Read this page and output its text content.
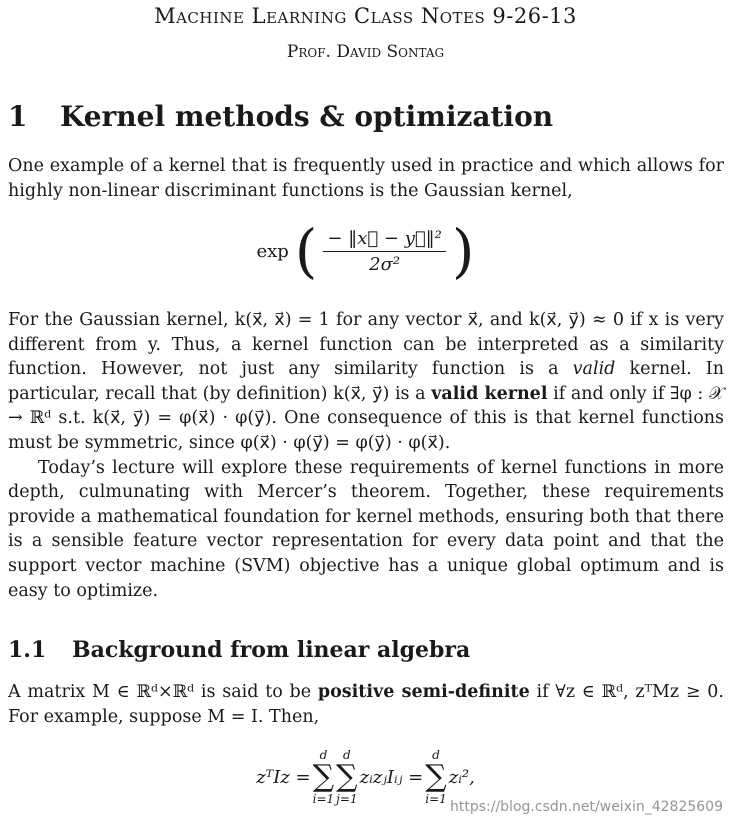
Machine Learning Class Notes 9-26-13
Prof. David Sontag
1 Kernel methods & optimization

One example of a kernel that is frequently used in practice and which allows for highly non-linear discriminant functions is the Gaussian kernel,

exp ( $\frac{\text{− ‖x⃗ − y⃗‖²}}{\text{2σ²}}$ )

For the Gaussian kernel, k(x⃗, x⃗) = 1 for any vector x⃗, and k(x⃗, y⃗) ≈ 0 if x is very different from y. Thus, a kernel function can be interpreted as a similarity function. However, not just any similarity function is a valid kernel. In particular, recall that (by definition) k(x⃗, y⃗) is a valid kernel if and only if ∃φ : 𝒳 → ℝᵈ s.t. k(x⃗, y⃗) = φ(x⃗) · φ(y⃗). One consequence of this is that kernel functions must be symmetric, since φ(x⃗) · φ(y⃗) = φ(y⃗) · φ(x⃗).

Today’s lecture will explore these requirements of kernel functions in more depth, culmunating with Mercer’s theorem. Together, these requirements provide a mathematical foundation for kernel methods, ensuring both that there is a sensible feature vector representation for every data point and that the support vector machine (SVM) objective has a unique global optimum and is easy to optimize.

1.1 Background from linear algebra

A matrix M ∈ ℝᵈ×ℝᵈ is said to be positive semi-definite if ∀z ∈ ℝᵈ, zᵀMz ≥ 0. For example, suppose M = I. Then,

zᵀIz =
d
∑
i=1
d
∑
j=1
zᵢzⱼIᵢⱼ =
d
∑
i=1
zᵢ²,
https://blog.csdn.net/weixin_42825609
